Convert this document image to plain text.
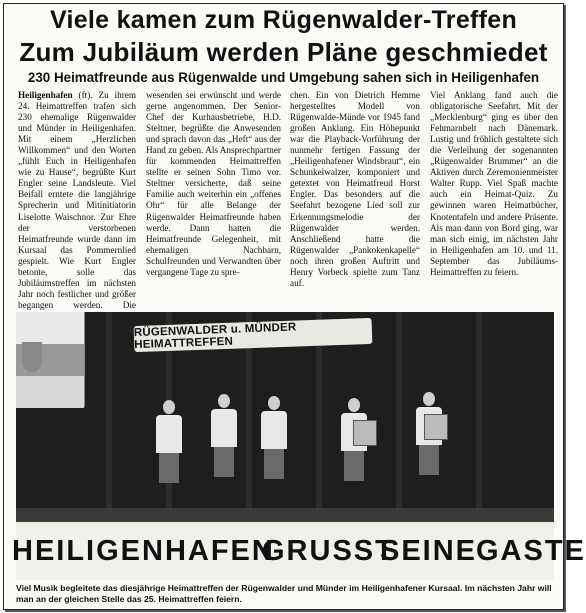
Viele kamen zum Rügenwalder-Treffen
Zum Jubiläum werden Pläne geschmiedet
230 Heimatfreunde aus Rügenwalde und Umgebung sahen sich in Heiligenhafen

Heiligenhafen (ft). Zu ihrem 24. Heimattreffen trafen sich 230 ehemalige Rügenwalder und Münder in Heiligenhafen. Mit einem „Herzlichen Willkommen“ und den Worten „fühlt Euch in Heiligenhafen wie zu Hause“, begrüßte Kurt Engler seine Landsleute. Viel Beifall erntete die langjährige Sprecherin und Mitinitiatorin Liselotte Waischnor. Zur Ehre der verstorbenen Heimatfreunde wurde dann im Kursaal das Pommernlied gespielt. Wie Kurt Engler betonte, solle das Jubiläumstreffen im nächsten Jahr noch festlicher und größer begangen werden. Die

wesenden sei erwünscht und werde gerne angenommen. Der Senior-Chef der Kurhausbetriebe, H.D. Steltner, begrüßte die Anwesenden und sprach davon das „Heft“ aus der Hand zu geben. Als Ansprechpartner für kommenden Heimattreffen stellte er seinen Sohn Timo vor. Steltner versicherte, daß seine Familie auch weiterhin ein „offenes Ohr“ für alle Belange der Rügenwalder Heimatfreunde haben werde. Dann hatten die Heimatfreunde Gelegenheit, mit ehemaligen Nachbarn, Schulfreunden und Verwandten über vergangene Tage zu spre-

chen. Ein von Dietrich Hemme hergestelltes Modell von Rügenwalde-Münde vor 1945 fand großen Anklang. Ein Höhepunkt war die Playback-Vorführung der nunmehr fertigen Fassung der „Heiligenhafener Windsbraut“, ein Schunkelwalzer, komponiert und getextet von Heimatfreud Horst Engler. Das besonders auf die Seefahrt bezogene Lied soll zur Erkennungsmelodie der Rügenwalder werden. Anschließend hatte die Rügenwalder „Pankokenkapelle“ noch ihren großen Auftritt und Henry Vorbeck spielte zum Tanz auf.

Viel Anklang fand auch die obligatorische Seefahrt. Mit der „Mecklenburg“ ging es über den Fehmarnbelt nach Dänemark. Lustig und fröhlich gestaltete sich die Verleihung der sogenannten „Rügenwalder Brummer“ an die Aktiven durch Zeremonienmeister Walter Rupp. Viel Spaß machte auch ein Heimat-Quiz. Zu gewinnen waren Heimatbücher, Knotentafeln und andere Präsente. Als man dann von Bord ging, war man sich einig, im nächsten Jahr in Heiligenhafen am 10. und 11. September das Jubiläums-Heimattreffen zu feiern.

RÜGENWALDER u. MÜNDER HEIMATTREFFEN
HEILIGENHAFEN
GRUSST
SEINE
GASTE
Viel Musik begleitete das diesjährige Heimattreffen der Rügenwalder und Münder im Heiligenhafener Kursaal. Im nächsten Jahr will man an der gleichen Stelle das 25. Heimattreffen feiern.
